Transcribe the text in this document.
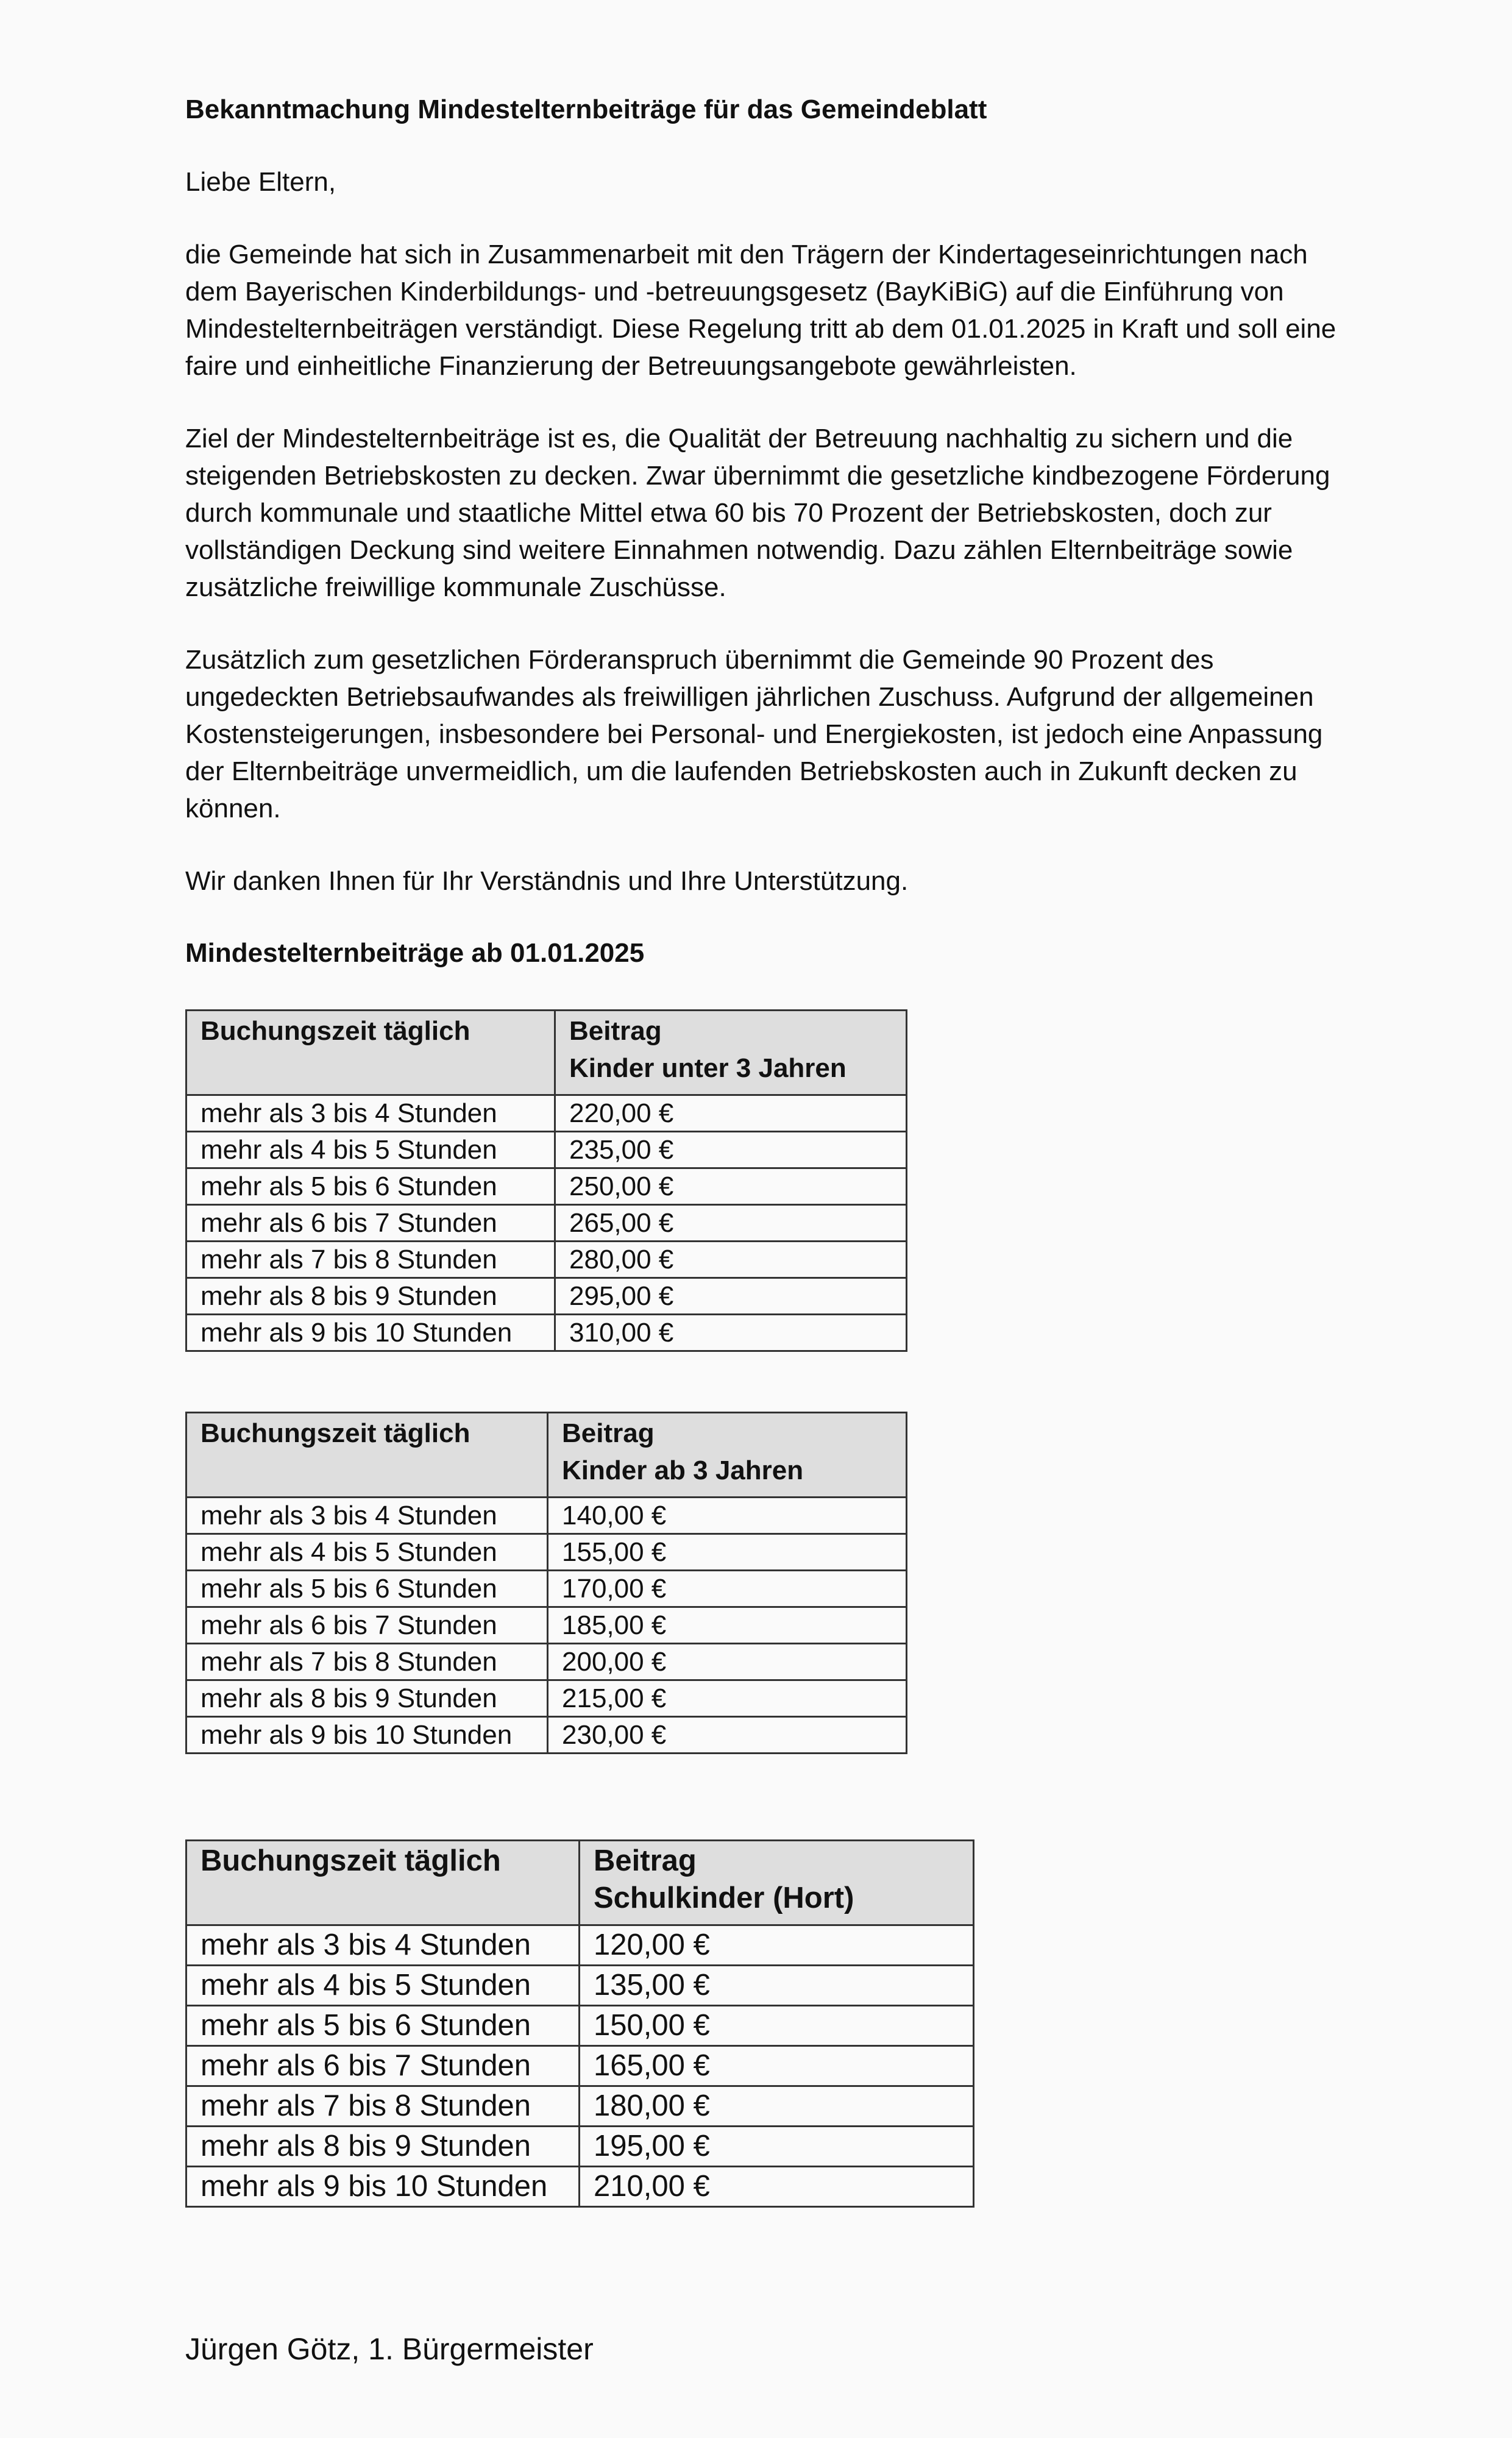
Bekanntmachung Mindestelternbeiträge für das Gemeindeblatt
Liebe Eltern,
die Gemeinde hat sich in Zusammenarbeit mit den Trägern der Kindertageseinrichtungen nach dem Bayerischen Kinderbildungs- und -betreuungsgesetz (BayKiBiG) auf die Einführung von Mindestelternbeiträgen verständigt. Diese Regelung tritt ab dem 01.01.2025 in Kraft und soll eine faire und einheitliche Finanzierung der Betreuungsangebote gewährleisten.
Ziel der Mindestelternbeiträge ist es, die Qualität der Betreuung nachhaltig zu sichern und die steigenden Betriebskosten zu decken. Zwar übernimmt die gesetzliche kindbezogene Förderung durch kommunale und staatliche Mittel etwa 60 bis 70 Prozent der Betriebskosten, doch zur vollständigen Deckung sind weitere Einnahmen notwendig. Dazu zählen Elternbeiträge sowie zusätzliche freiwillige kommunale Zuschüsse.
Zusätzlich zum gesetzlichen Förderanspruch übernimmt die Gemeinde 90 Prozent des ungedeckten Betriebsaufwandes als freiwilligen jährlichen Zuschuss. Aufgrund der allgemeinen Kostensteigerungen, insbesondere bei Personal- und Energiekosten, ist jedoch eine Anpassung der Elternbeiträge unvermeidlich, um die laufenden Betriebskosten auch in Zukunft decken zu können.
Wir danken Ihnen für Ihr Verständnis und Ihre Unterstützung.
Mindestelternbeiträge ab 01.01.2025
Buchungszeit täglich	Beitrag
Kinder unter 3 Jahren

mehr als 3 bis 4 Stunden	220,00 €
mehr als 4 bis 5 Stunden	235,00 €
mehr als 5 bis 6 Stunden	250,00 €
mehr als 6 bis 7 Stunden	265,00 €
mehr als 7 bis 8 Stunden	280,00 €
mehr als 8 bis 9 Stunden	295,00 €
mehr als 9 bis 10 Stunden	310,00 €
Buchungszeit täglich	Beitrag
Kinder ab 3 Jahren

mehr als 3 bis 4 Stunden	140,00 €
mehr als 4 bis 5 Stunden	155,00 €
mehr als 5 bis 6 Stunden	170,00 €
mehr als 6 bis 7 Stunden	185,00 €
mehr als 7 bis 8 Stunden	200,00 €
mehr als 8 bis 9 Stunden	215,00 €
mehr als 9 bis 10 Stunden	230,00 €
Buchungszeit täglich	Beitrag
Schulkinder (Hort)

mehr als 3 bis 4 Stunden	120,00 €
mehr als 4 bis 5 Stunden	135,00 €
mehr als 5 bis 6 Stunden	150,00 €
mehr als 6 bis 7 Stunden	165,00 €
mehr als 7 bis 8 Stunden	180,00 €
mehr als 8 bis 9 Stunden	195,00 €
mehr als 9 bis 10 Stunden	210,00 €
Jürgen Götz, 1. Bürgermeister
